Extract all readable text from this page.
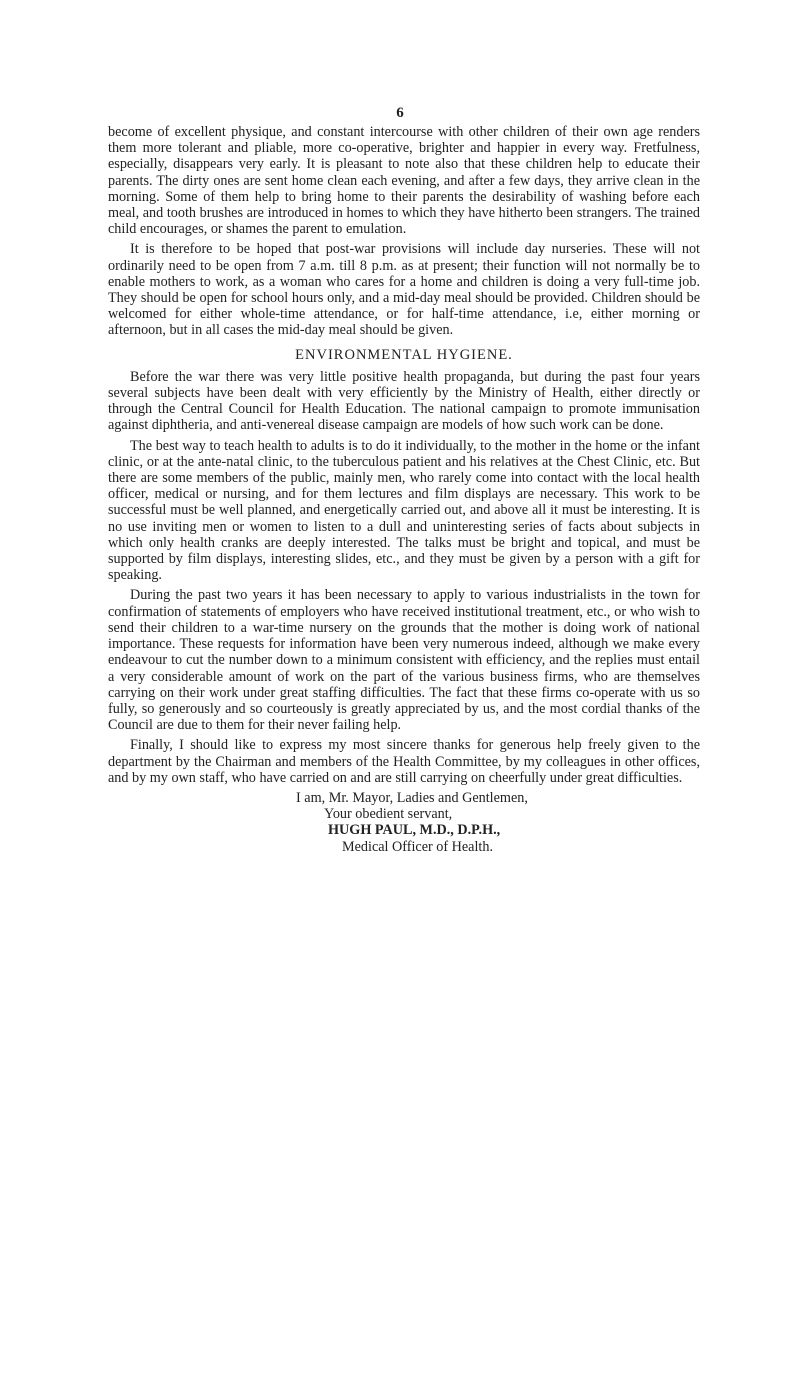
6

become of excellent physique, and constant intercourse with other children of their own age renders them more tolerant and pliable, more co-operative, brighter and happier in every way. Fretfulness, especially, disappears very early. It is pleasant to note also that these children help to educate their parents. The dirty ones are sent home clean each evening, and after a few days, they arrive clean in the morning. Some of them help to bring home to their parents the desirability of washing before each meal, and tooth brushes are introduced in homes to which they have hitherto been strangers. The trained child encourages, or shames the parent to emulation.

It is therefore to be hoped that post-war provisions will include day nurseries. These will not ordinarily need to be open from 7 a.m. till 8 p.m. as at present; their function will not normally be to enable mothers to work, as a woman who cares for a home and children is doing a very full-time job. They should be open for school hours only, and a mid-day meal should be provided. Children should be welcomed for either whole-time attendance, or for half-time attendance, i.e, either morning or afternoon, but in all cases the mid-day meal should be given.

ENVIRONMENTAL HYGIENE.

Before the war there was very little positive health propaganda, but during the past four years several subjects have been dealt with very efficiently by the Ministry of Health, either directly or through the Central Council for Health Education. The national campaign to promote immunisation against diphtheria, and anti-venereal disease campaign are models of how such work can be done.

The best way to teach health to adults is to do it individually, to the mother in the home or the infant clinic, or at the ante-natal clinic, to the tuberculous patient and his relatives at the Chest Clinic, etc. But there are some members of the public, mainly men, who rarely come into contact with the local health officer, medical or nursing, and for them lectures and film displays are necessary. This work to be successful must be well planned, and energetically carried out, and above all it must be interesting. It is no use inviting men or women to listen to a dull and uninteresting series of facts about subjects in which only health cranks are deeply interested. The talks must be bright and topical, and must be supported by film displays, interesting slides, etc., and they must be given by a person with a gift for speaking.

During the past two years it has been necessary to apply to various industrialists in the town for confirmation of statements of employers who have received institutional treatment, etc., or who wish to send their children to a war-time nursery on the grounds that the mother is doing work of national importance. These requests for information have been very numerous indeed, although we make every endeavour to cut the number down to a minimum consistent with efficiency, and the replies must entail a very considerable amount of work on the part of the various business firms, who are themselves carrying on their work under great staffing difficulties. The fact that these firms co-operate with us so fully, so generously and so courteously is greatly appreciated by us, and the most cordial thanks of the Council are due to them for their never failing help.

Finally, I should like to express my most sincere thanks for generous help freely given to the department by the Chairman and members of the Health Committee, by my colleagues in other offices, and by my own staff, who have carried on and are still carrying on cheerfully under great difficulties.

I am, Mr. Mayor, Ladies and Gentlemen,
Your obedient servant,
HUGH PAUL, M.D., D.P.H.,
Medical Officer of Health.
